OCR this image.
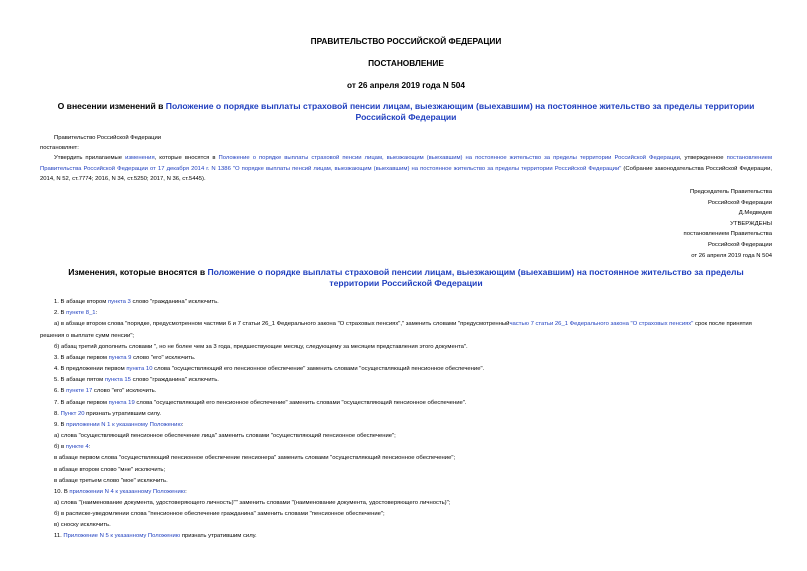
ПРАВИТЕЛЬСТВО РОССИЙСКОЙ ФЕДЕРАЦИИ
ПОСТАНОВЛЕНИЕ
от 26 апреля 2019 года N 504
О внесении изменений в Положение о порядке выплаты страховой пенсии лицам, выезжающим (выехавшим) на постоянное жительство за пределы территории Российской Федерации
Правительство Российской Федерации
постановляет:
Утвердить прилагаемые изменения, которые вносятся в Положение о порядке выплаты страховой пенсии лицам, выезжающим (выехавшим) на постоянное жительство за пределы территории Российской Федерации, утвержденное постановлением Правительства Российской Федерации от 17 декабря 2014 г. N 1386 "О порядке выплаты пенсий лицам, выезжающим (выехавшим) на постоянное жительство за пределы территории Российской Федерации" (Собрание законодательства Российской Федерации, 2014, N 52, ст.7774; 2016, N 34, ст.5250; 2017, N 36, ст.5445).
Председатель Правительства
Российской Федерации
Д.Медведев
УТВЕРЖДЕНЫ
постановлением Правительства
Российской Федерации
от 26 апреля 2019 года N 504
Изменения, которые вносятся в Положение о порядке выплаты страховой пенсии лицам, выезжающим (выехавшим) на постоянное жительство за пределы территории Российской Федерации
1. В абзаце втором пункта 3 слово "гражданина" исключить.
2. В пункте 8_1:
а) в абзаце втором слова "порядке, предусмотренном частями 6 и 7 статьи 26_1 Федерального закона "О страховых пенсиях"," заменить словами "предусмотренныйчастью 7 статьи 26_1 Федерального закона "О страховых пенсиях" срок после принятия решения о выплате сумм пенсии";
б) абзац третий дополнить словами ", но не более чем за 3 года, предшествующие месяцу, следующему за месяцем представления этого документа".
3. В абзаце первом пункта 9 слово "его" исключить.
4. В предложении первом пункта 10 слова "осуществляющий его пенсионное обеспечение" заменить словами "осуществляющий пенсионное обеспечение".
5. В абзаце пятом пункта 15 слово "гражданина" исключить.
6. В пункте 17 слово "его" исключить.
7. В абзаце первом пункта 19 слова "осуществляющий его пенсионное обеспечение" заменить словами "осуществляющий пенсионное обеспечение".
8. Пункт 20 признать утратившим силу.
9. В приложении N 1 к указанному Положению:
а) слова "осуществляющий пенсионное обеспечение лица" заменить словами "осуществляющий пенсионное обеспечение";
б) в пункте 4:
в абзаце первом слова "осуществляющий пенсионное обеспечение пенсионера" заменить словами "осуществляющий пенсионное обеспечение";
в абзаце втором слово "мне" исключить;
в абзаце третьем слово "мое" исключить.
10. В приложении N 4 к указанному Положению:
а) слова "(наименование документа, удостоверяющего личность)"" заменить словами "(наименование документа, удостоверяющего личность)";
б) в расписке-уведомлении слова "пенсионное обеспечение гражданина" заменить словами "пенсионное обеспечение";
в) сноску исключить.
11. Приложение N 5 к указанному Положению признать утратившим силу.
